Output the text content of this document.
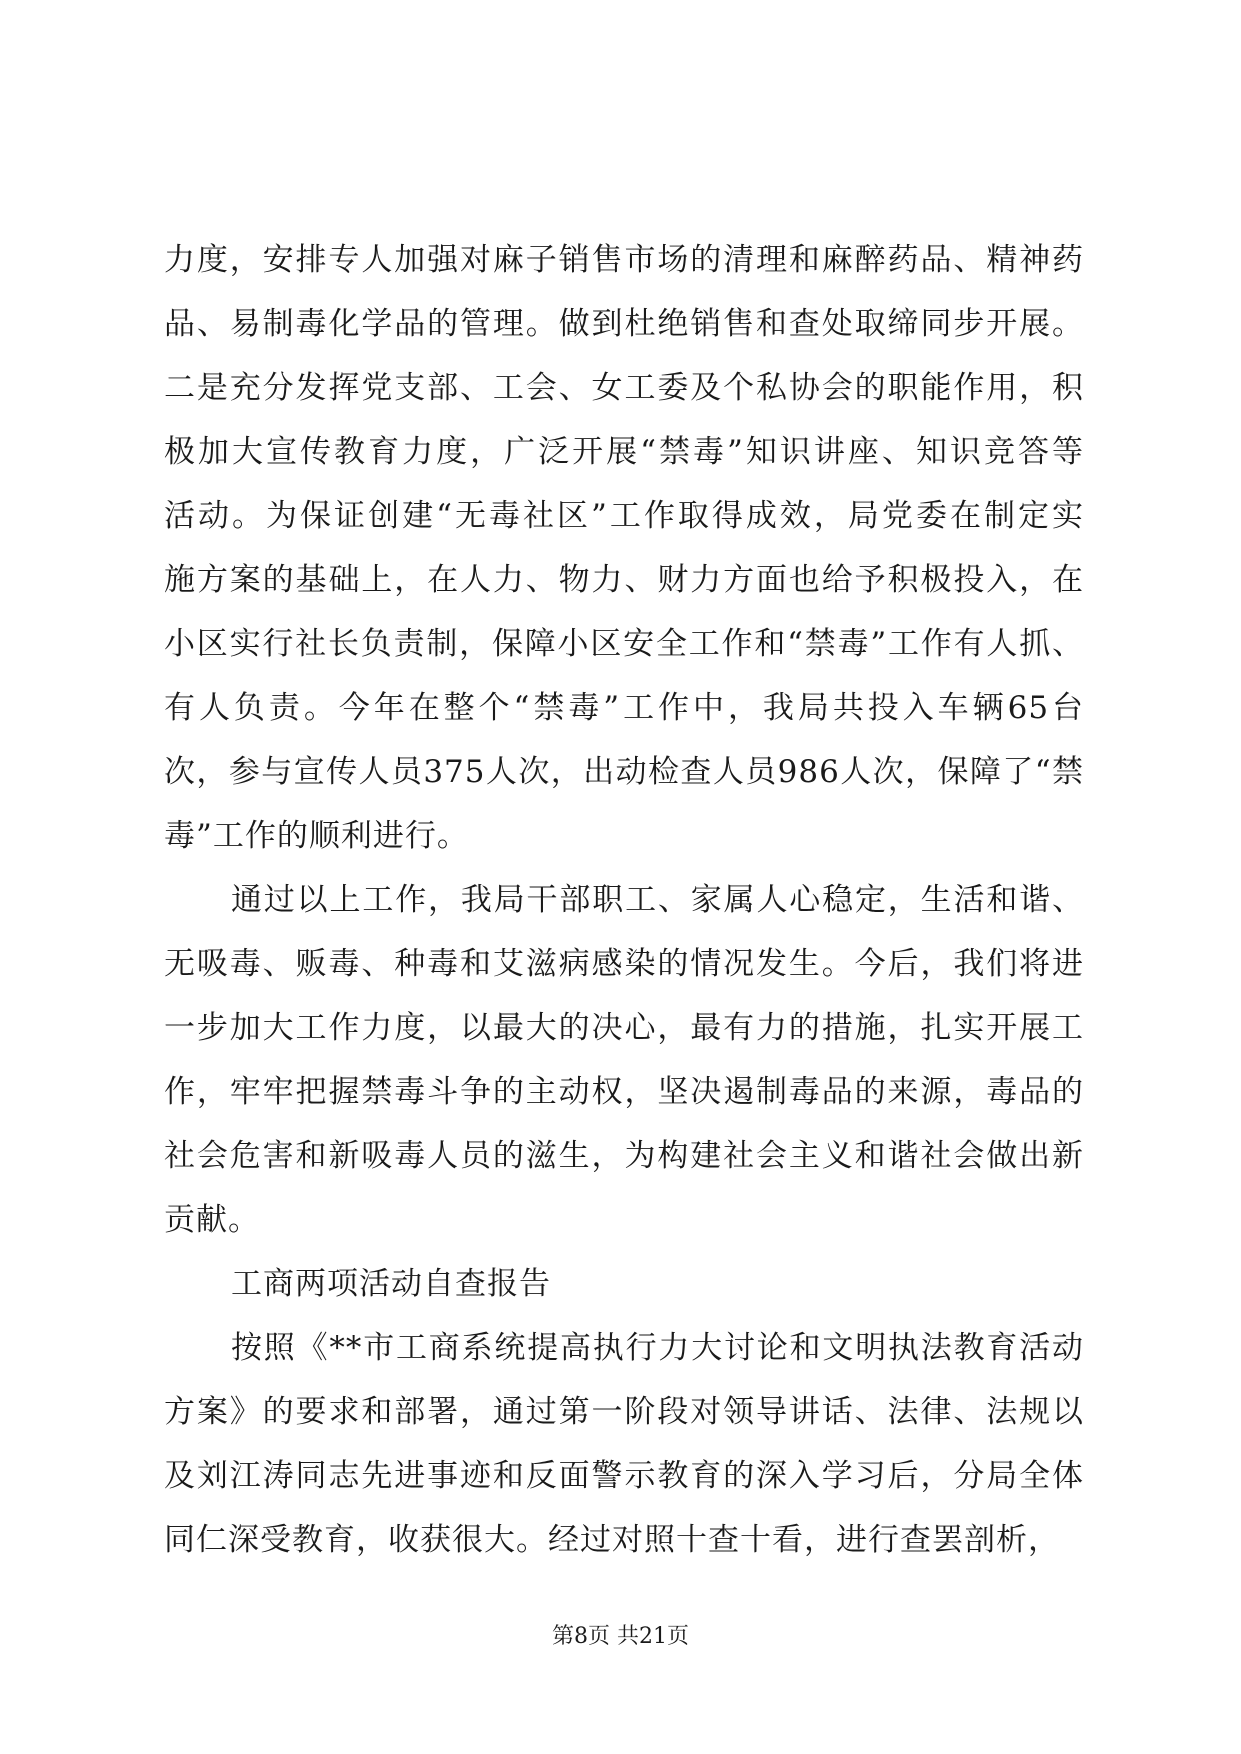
力度，安排专人加强对麻子销售市场的清理和麻醉药品、精神药
品、易制毒化学品的管理。做到杜绝销售和查处取缔同步开展。
二是充分发挥党支部、工会、女工委及个私协会的职能作用，积
极加大宣传教育力度，广泛开展“禁毒”知识讲座、知识竞答等
活动。为保证创建“无毒社区”工作取得成效，局党委在制定实
施方案的基础上，在人力、物力、财力方面也给予积极投入，在
小区实行社长负责制，保障小区安全工作和“禁毒”工作有人抓、
有人负责。今年在整个“禁毒”工作中，我局共投入车辆65台
次，参与宣传人员375人次，出动检查人员986人次，保障了“禁
毒”工作的顺利进行。
通过以上工作，我局干部职工、家属人心稳定，生活和谐、
无吸毒、贩毒、种毒和艾滋病感染的情况发生。今后，我们将进
一步加大工作力度，以最大的决心，最有力的措施，扎实开展工
作，牢牢把握禁毒斗争的主动权，坚决遏制毒品的来源，毒品的
社会危害和新吸毒人员的滋生，为构建社会主义和谐社会做出新
贡献。
工商两项活动自查报告
按照《**市工商系统提高执行力大讨论和文明执法教育活动
方案》的要求和部署，通过第一阶段对领导讲话、法律、法规以
及刘江涛同志先进事迹和反面警示教育的深入学习后，分局全体
同仁深受教育，收获很大。经过对照十查十看，进行查罢剖析，
第8页 共21页
